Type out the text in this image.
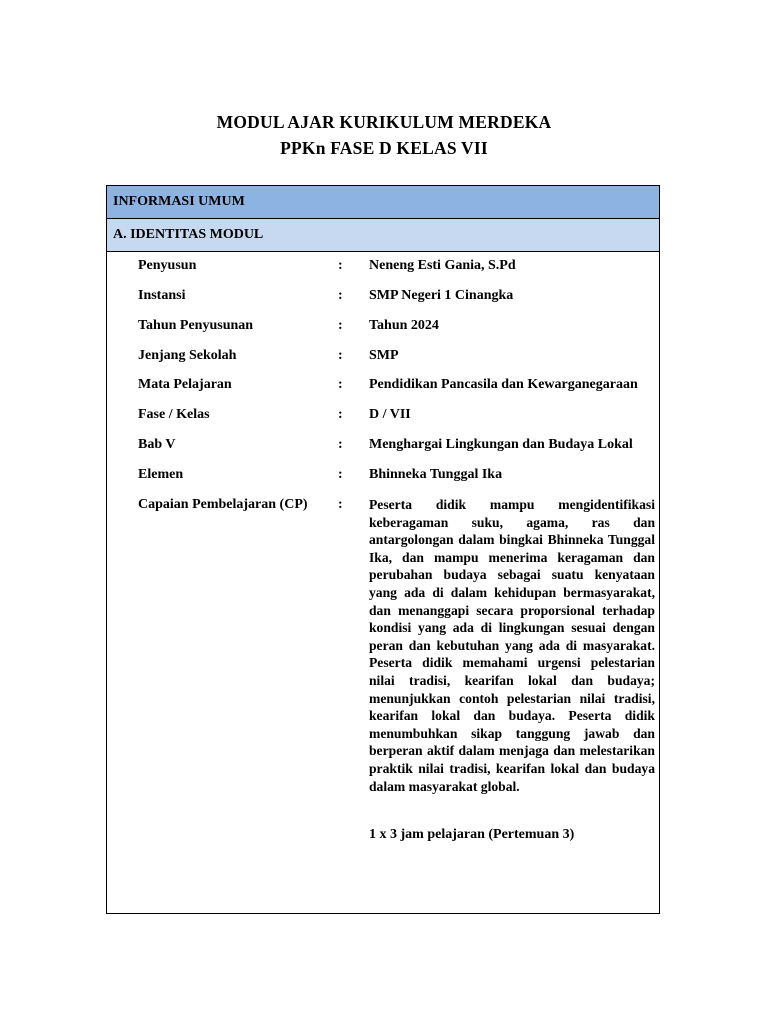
MODUL AJAR KURIKULUM MERDEKA
PPKn FASE D KELAS VII
INFORMASI UMUM
A. IDENTITAS MODUL
Penyusun	:	Neneng Esti Gania, S.Pd
Instansi	:	SMP Negeri 1 Cinangka
Tahun Penyusunan	:	Tahun 2024
Jenjang Sekolah	:	SMP
Mata Pelajaran	:	Pendidikan Pancasila dan Kewarganegaraan
Fase / Kelas	:	D / VII
Bab V	:	Menghargai Lingkungan dan Budaya Lokal
Elemen	:	Bhinneka Tunggal Ika
Capaian Pembelajaran (CP)	:	Peserta didik mampu mengidentifikasi keberagaman suku, agama, ras dan antargolongan dalam bingkai Bhinneka Tunggal Ika, dan mampu menerima keragaman dan perubahan budaya sebagai suatu kenyataan yang ada di dalam kehidupan bermasyarakat, dan menanggapi secara proporsional terhadap kondisi yang ada di lingkungan sesuai dengan peran dan kebutuhan yang ada di masyarakat. Peserta didik memahami urgensi pelestarian nilai tradisi, kearifan lokal dan budaya; menunjukkan contoh pelestarian nilai tradisi, kearifan lokal dan budaya. Peserta didik menumbuhkan sikap tanggung jawab dan berperan aktif dalam menjaga dan melestarikan praktik nilai tradisi, kearifan lokal dan budaya dalam masyarakat global.
1 x 3 jam pelajaran (Pertemuan 3)
